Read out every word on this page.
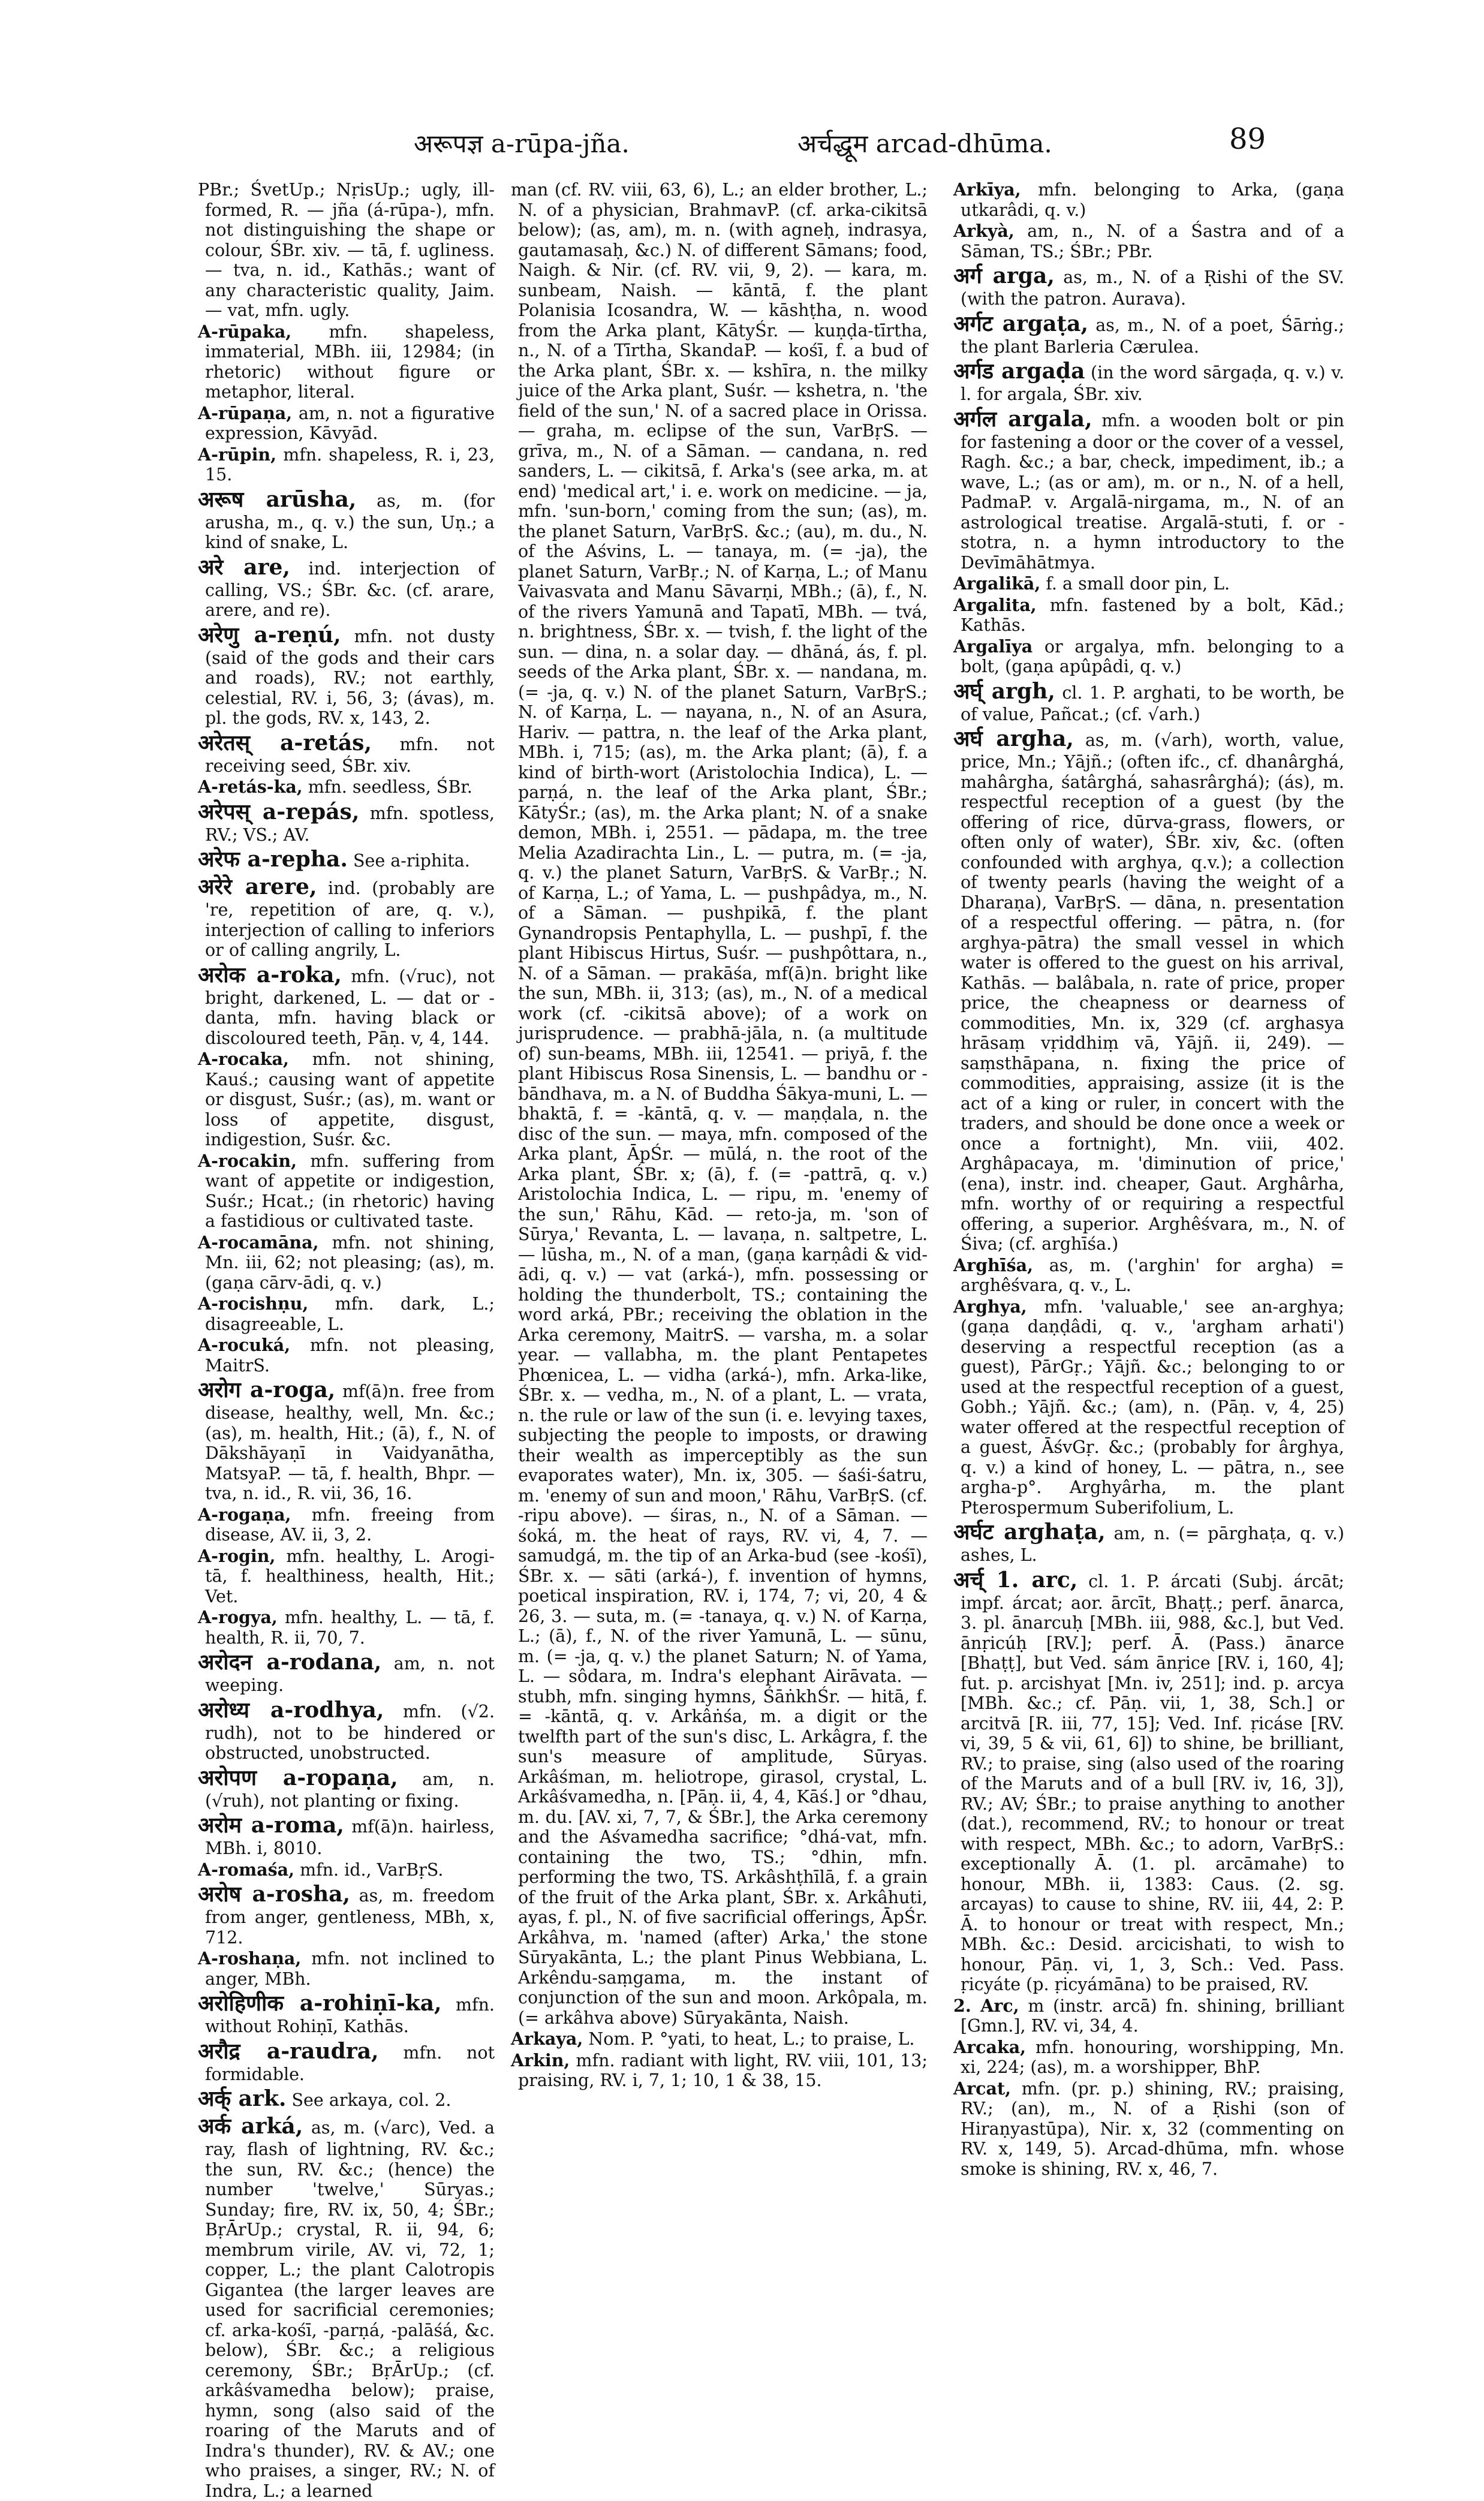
अरूपज्ञ a-rūpa-jña.	अर्चद्धूम arcad-dhūma.	89

PBr.; ŚvetUp.; NṛisUp.; ugly, ill-formed, R. — jña (á-rūpa-), mfn. not distinguishing the shape or colour, ŚBr. xiv. — tā, f. ugliness. — tva, n. id., Kathās.; want of any characteristic quality, Jaim. — vat, mfn. ugly.

A-rūpaka, mfn. shapeless, immaterial, MBh. iii, 12984; (in rhetoric) without figure or metaphor, literal.

A-rūpaṇa, am, n. not a figurative expression, Kāvyād.

A-rūpin, mfn. shapeless, R. i, 23, 15.

अरूष arūsha, as, m. (for arusha, m., q. v.) the sun, Uṇ.; a kind of snake, L.

अरे are, ind. interjection of calling, VS.; ŚBr. &c. (cf. arare, arere, and re).

अरेणु a-reṇú, mfn. not dusty (said of the gods and their cars and roads), RV.; not earthly, celestial, RV. i, 56, 3; (ávas), m. pl. the gods, RV. x, 143, 2.

अरेतस् a-retás, mfn. not receiving seed, ŚBr. xiv.

A-retás-ka, mfn. seedless, ŚBr.

अरेपस् a-repás, mfn. spotless, RV.; VS.; AV.

अरेफ a-repha. See a-riphita.

अरेरे arere, ind. (probably are 're, repetition of are, q. v.), interjection of calling to inferiors or of calling angrily, L.

अरोक a-roka, mfn. (√ruc), not bright, darkened, L. — dat or -danta, mfn. having black or discoloured teeth, Pāṇ. v, 4, 144.

A-rocaka, mfn. not shining, Kauś.; causing want of appetite or disgust, Suśr.; (as), m. want or loss of appetite, disgust, indigestion, Suśr. &c.

A-rocakin, mfn. suffering from want of appetite or indigestion, Suśr.; Hcat.; (in rhetoric) having a fastidious or cultivated taste.

A-rocamāna, mfn. not shining, Mn. iii, 62; not pleasing; (as), m. (gaṇa cārv-ādi, q. v.)

A-rocishṇu, mfn. dark, L.; disagreeable, L.

A-rocuká, mfn. not pleasing, MaitrS.

अरोग a-roga, mf(ā)n. free from disease, healthy, well, Mn. &c.; (as), m. health, Hit.; (ā), f., N. of Dākshāyaṇī in Vaidyanātha, MatsyaP. — tā, f. health, Bhpr. — tva, n. id., R. vii, 36, 16.

A-rogaṇa, mfn. freeing from disease, AV. ii, 3, 2.

A-rogin, mfn. healthy, L. Arogi-tā, f. healthiness, health, Hit.; Vet.

A-rogya, mfn. healthy, L. — tā, f. health, R. ii, 70, 7.

अरोदन a-rodana, am, n. not weeping.

अरोध्य a-rodhya, mfn. (√2. rudh), not to be hindered or obstructed, unobstructed.

अरोपण a-ropaṇa, am, n. (√ruh), not planting or fixing.

अरोम a-roma, mf(ā)n. hairless, MBh. i, 8010.

A-romaśa, mfn. id., VarBṛS.

अरोष a-rosha, as, m. freedom from anger, gentleness, MBh, x, 712.

A-roshaṇa, mfn. not inclined to anger, MBh.

अरोहिणीक a-rohiṇī-ka, mfn. without Rohiṇī, Kathās.

अरौद्र a-raudra, mfn. not formidable.

अर्क् ark. See arkaya, col. 2.

अर्क arká, as, m. (√arc), Ved. a ray, flash of lightning, RV. &c.; the sun, RV. &c.; (hence) the number 'twelve,' Sūryas.; Sunday; fire, RV. ix, 50, 4; ŚBr.; BṛĀrUp.; crystal, R. ii, 94, 6; membrum virile, AV. vi, 72, 1; copper, L.; the plant Calotropis Gigantea (the larger leaves are used for sacrificial ceremonies; cf. arka-kośī, -parṇá, -palāśá, &c. below), ŚBr. &c.; a religious ceremony, ŚBr.; BṛĀrUp.; (cf. arkâśvamedha below); praise, hymn, song (also said of the roaring of the Maruts and of Indra's thunder), RV. & AV.; one who praises, a singer, RV.; N. of Indra, L.; a learned

man (cf. RV. viii, 63, 6), L.; an elder brother, L.; N. of a physician, BrahmavP. (cf. arka-cikitsā below); (as, am), m. n. (with agneḥ, indrasya, gautamasaḥ, &c.) N. of different Sāmans; food, Naigh. & Nir. (cf. RV. vii, 9, 2). — kara, m. sunbeam, Naish. — kāntā, f. the plant Polanisia Icosandra, W. — kāshṭha, n. wood from the Arka plant, KātyŚr. — kuṇḍa-tīrtha, n., N. of a Tīrtha, SkandaP. — kośī, f. a bud of the Arka plant, ŚBr. x. — kshīra, n. the milky juice of the Arka plant, Suśr. — kshetra, n. 'the field of the sun,' N. of a sacred place in Orissa. — graha, m. eclipse of the sun, VarBṛS. — grīva, m., N. of a Sāman. — candana, n. red sanders, L. — cikitsā, f. Arka's (see arka, m. at end) 'medical art,' i. e. work on medicine. — ja, mfn. 'sun-born,' coming from the sun; (as), m. the planet Saturn, VarBṛS. &c.; (au), m. du., N. of the Aśvins, L. — tanaya, m. (= -ja), the planet Saturn, VarBṛ.; N. of Karṇa, L.; of Manu Vaivasvata and Manu Sāvarṇi, MBh.; (ā), f., N. of the rivers Yamunā and Tapatī, MBh. — tvá, n. brightness, ŚBr. x. — tvish, f. the light of the sun. — dina, n. a solar day. — dhāná, ás, f. pl. seeds of the Arka plant, ŚBr. x. — nandana, m. (= -ja, q. v.) N. of the planet Saturn, VarBṛS.; N. of Karṇa, L. — nayana, n., N. of an Asura, Hariv. — pattra, n. the leaf of the Arka plant, MBh. i, 715; (as), m. the Arka plant; (ā), f. a kind of birth-wort (Aristolochia Indica), L. — parṇá, n. the leaf of the Arka plant, ŚBr.; KātyŚr.; (as), m. the Arka plant; N. of a snake demon, MBh. i, 2551. — pādapa, m. the tree Melia Azadirachta Lin., L. — putra, m. (= -ja, q. v.) the planet Saturn, VarBṛS. & VarBṛ.; N. of Karṇa, L.; of Yama, L. — pushpâdya, m., N. of a Sāman. — pushpikā, f. the plant Gynandropsis Pentaphylla, L. — pushpī, f. the plant Hibiscus Hirtus, Suśr. — pushpôttara, n., N. of a Sāman. — prakāśa, mf(ā)n. bright like the sun, MBh. ii, 313; (as), m., N. of a medical work (cf. -cikitsā above); of a work on jurisprudence. — prabhā-jāla, n. (a multitude of) sun-beams, MBh. iii, 12541. — priyā, f. the plant Hibiscus Rosa Sinensis, L. — bandhu or -bāndhava, m. a N. of Buddha Śākya-muni, L. — bhaktā, f. = -kāntā, q. v. — maṇḍala, n. the disc of the sun. — maya, mfn. composed of the Arka plant, ĀpŚr. — mūlá, n. the root of the Arka plant, ŚBr. x; (ā), f. (= -pattrā, q. v.) Aristolochia Indica, L. — ripu, m. 'enemy of the sun,' Rāhu, Kād. — reto-ja, m. 'son of Sūrya,' Revanta, L. — lavaṇa, n. saltpetre, L. — lūsha, m., N. of a man, (gaṇa karṇâdi & vid-ādi, q. v.) — vat (arká-), mfn. possessing or holding the thunderbolt, TS.; containing the word arká, PBr.; receiving the oblation in the Arka ceremony, MaitrS. — varsha, m. a solar year. — vallabha, m. the plant Pentapetes Phœnicea, L. — vidha (arká-), mfn. Arka-like, ŚBr. x. — vedha, m., N. of a plant, L. — vrata, n. the rule or law of the sun (i. e. levying taxes, subjecting the people to imposts, or drawing their wealth as imperceptibly as the sun evaporates water), Mn. ix, 305. — śaśi-śatru, m. 'enemy of sun and moon,' Rāhu, VarBṛS. (cf. -ripu above). — śiras, n., N. of a Sāman. — śoká, m. the heat of rays, RV. vi, 4, 7. — samudgá, m. the tip of an Arka-bud (see -kośī), ŚBr. x. — sāti (arká-), f. invention of hymns, poetical inspiration, RV. i, 174, 7; vi, 20, 4 & 26, 3. — suta, m. (= -tanaya, q. v.) N. of Karṇa, L.; (ā), f., N. of the river Yamunā, L. — sūnu, m. (= -ja, q. v.) the planet Saturn; N. of Yama, L. — sôdara, m. Indra's elephant Airāvata. — stubh, mfn. singing hymns, ŚāṅkhŚr. — hitā, f. = -kāntā, q. v. Arkâṅśa, m. a digit or the twelfth part of the sun's disc, L. Arkâgra, f. the sun's measure of amplitude, Sūryas. Arkâśman, m. heliotrope, girasol, crystal, L. Arkâśvamedha, n. [Pāṇ. ii, 4, 4, Kāś.] or °dhau, m. du. [AV. xi, 7, 7, & ŚBr.], the Arka ceremony and the Aśvamedha sacrifice; °dhá-vat, mfn. containing the two, TS.; °dhin, mfn. performing the two, TS. Arkâshṭhīlā, f. a grain of the fruit of the Arka plant, ŚBr. x. Arkâhuti, ayas, f. pl., N. of five sacrificial offerings, ĀpŚr. Arkâhva, m. 'named (after) Arka,' the stone Sūryakānta, L.; the plant Pinus Webbiana, L. Arkêndu-saṃgama, m. the instant of conjunction of the sun and moon. Arkôpala, m. (= arkâhva above) Sūryakānta, Naish.

Arkaya, Nom. P. °yati, to heat, L.; to praise, L.

Arkin, mfn. radiant with light, RV. viii, 101, 13; praising, RV. i, 7, 1; 10, 1 & 38, 15.

Arkīya, mfn. belonging to Arka, (gaṇa utkarâdi, q. v.)

Arkyà, am, n., N. of a Śastra and of a Sāman, TS.; ŚBr.; PBr.

अर्ग arga, as, m., N. of a Ṛishi of the SV. (with the patron. Aurava).

अर्गट argaṭa, as, m., N. of a poet, Śārṅg.; the plant Barleria Cærulea.

अर्गड argaḍa (in the word sārgaḍa, q. v.) v. l. for argala, ŚBr. xiv.

अर्गल argala, mfn. a wooden bolt or pin for fastening a door or the cover of a vessel, Ragh. &c.; a bar, check, impediment, ib.; a wave, L.; (as or am), m. or n., N. of a hell, PadmaP. v. Argalā-nirgama, m., N. of an astrological treatise. Argalā-stuti, f. or -stotra, n. a hymn introductory to the Devīmāhātmya.

Argalikā, f. a small door pin, L.

Argalita, mfn. fastened by a bolt, Kād.; Kathās.

Argalīya or argalya, mfn. belonging to a bolt, (gaṇa apûpâdi, q. v.)

अर्घ् argh, cl. 1. P. arghati, to be worth, be of value, Pañcat.; (cf. √arh.)

अर्घ argha, as, m. (√arh), worth, value, price, Mn.; Yājñ.; (often ifc., cf. dhanârghá, mahârgha, śatârghá, sahasrârghá); (ás), m. respectful reception of a guest (by the offering of rice, dūrva-grass, flowers, or often only of water), ŚBr. xiv, &c. (often confounded with arghya, q.v.); a collection of twenty pearls (having the weight of a Dharaṇa), VarBṛS. — dāna, n. presentation of a respectful offering. — pātra, n. (for arghya-pātra) the small vessel in which water is offered to the guest on his arrival, Kathās. — balâbala, n. rate of price, proper price, the cheapness or dearness of commodities, Mn. ix, 329 (cf. arghasya hrāsaṃ vṛiddhiṃ vā, Yājñ. ii, 249). — saṃsthāpana, n. fixing the price of commodities, appraising, assize (it is the act of a king or ruler, in concert with the traders, and should be done once a week or once a fortnight), Mn. viii, 402. Arghâpacaya, m. 'diminution of price,' (ena), instr. ind. cheaper, Gaut. Arghârha, mfn. worthy of or requiring a respectful offering, a superior. Arghêśvara, m., N. of Śiva; (cf. arghīśa.)

Arghīśa, as, m. ('arghin' for argha) = arghêśvara, q. v., L.

Arghya, mfn. 'valuable,' see an-arghya; (gaṇa daṇḍâdi, q. v., 'argham arhati') deserving a respectful reception (as a guest), PārGṛ.; Yājñ. &c.; belonging to or used at the respectful reception of a guest, Gobh.; Yājñ. &c.; (am), n. (Pāṇ. v, 4, 25) water offered at the respectful reception of a guest, ĀśvGṛ. &c.; (probably for ârghya, q. v.) a kind of honey, L. — pātra, n., see argha-p°. Arghyârha, m. the plant Pterospermum Suberifolium, L.

अर्घट arghaṭa, am, n. (= pārghaṭa, q. v.) ashes, L.

अर्च् 1. arc, cl. 1. P. árcati (Subj. árcāt; impf. árcat; aor. ārcīt, Bhaṭṭ.; perf. ānarca, 3. pl. ānarcuḥ [MBh. iii, 988, &c.], but Ved. ānṛicúḥ [RV.]; perf. Ā. (Pass.) ānarce [Bhaṭṭ], but Ved. sám ānṛice [RV. i, 160, 4]; fut. p. arcishyat [Mn. iv, 251]; ind. p. arcya [MBh. &c.; cf. Pāṇ. vii, 1, 38, Sch.] or arcitvā [R. iii, 77, 15]; Ved. Inf. ṛicáse [RV. vi, 39, 5 & vii, 61, 6]) to shine, be brilliant, RV.; to praise, sing (also used of the roaring of the Maruts and of a bull [RV. iv, 16, 3]), RV.; AV; ŚBr.; to praise anything to another (dat.), recommend, RV.; to honour or treat with respect, MBh. &c.; to adorn, VarBṛS.: exceptionally Ā. (1. pl. arcāmahe) to honour, MBh. ii, 1383: Caus. (2. sg. arcayas) to cause to shine, RV. iii, 44, 2: P. Ā. to honour or treat with respect, Mn.; MBh. &c.: Desid. arcicishati, to wish to honour, Pāṇ. vi, 1, 3, Sch.: Ved. Pass. ṛicyáte (p. ṛicyámāna) to be praised, RV.

2. Arc, m (instr. arcā) fn. shining, brilliant [Gmn.], RV. vi, 34, 4.

Arcaka, mfn. honouring, worshipping, Mn. xi, 224; (as), m. a worshipper, BhP.

Arcat, mfn. (pr. p.) shining, RV.; praising, RV.; (an), m., N. of a Ṛishi (son of Hiraṇyastūpa), Nir. x, 32 (commenting on RV. x, 149, 5). Arcad-dhūma, mfn. whose smoke is shining, RV. x, 46, 7.
